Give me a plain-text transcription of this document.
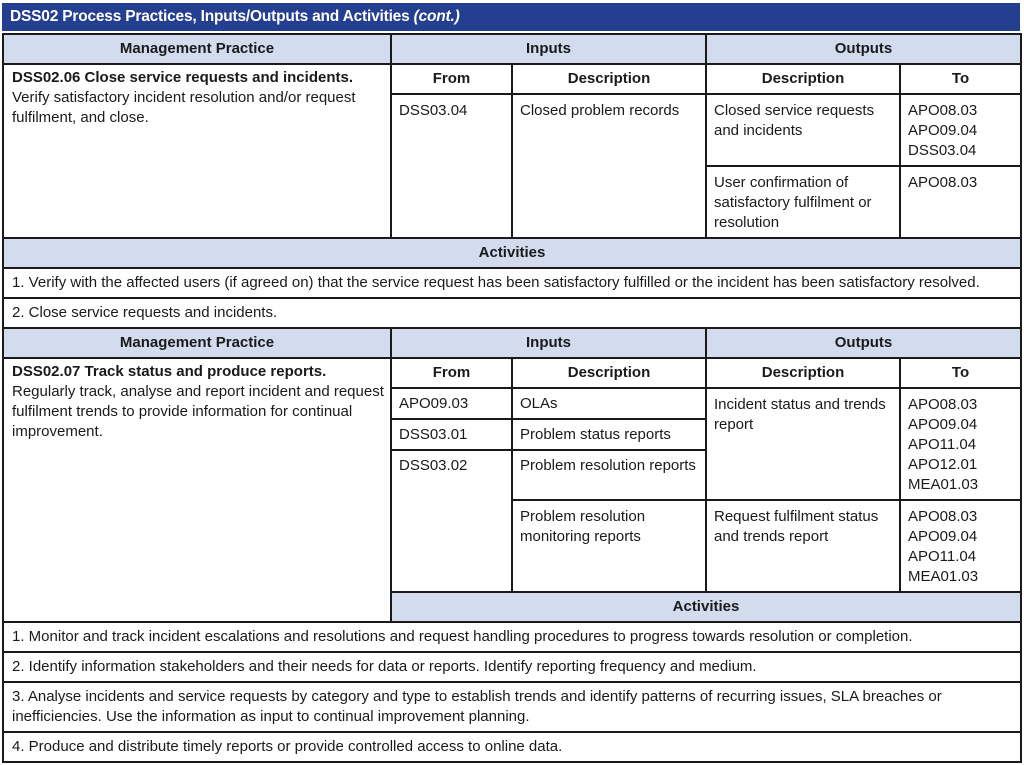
DSS02 Process Practices, Inputs/Outputs and Activities (cont.)
Management Practice	Inputs		Outputs	

DSS02.06 Close service requests and incidents.
Verify satisfactory incident resolution and/or request fulfilment, and close.	From	Description	Description	To
	DSS03.04	Closed problem records	Closed service requests and incidents	APO08.03
APO09.04
DSS03.04

			User confirmation of satisfactory fulfilment or resolution	APO08.03

Activities				
1. Verify with the affected users (if agreed on) that the service request has been satisfactory fulfilled or the incident has been satisfactory resolved.				
2. Close service requests and incidents.				
Management Practice	Inputs		Outputs	

DSS02.07 Track status and produce reports.
Regularly track, analyse and report incident and request fulfilment trends to provide information for continual improvement.	From	Description	Description	To
	APO09.03	OLAs	Incident status and trends report	APO08.03
APO09.04
APO11.04
APO12.01
MEA01.03

	DSS03.01	Problem status reports		
	DSS03.02	Problem resolution reports		
		Problem resolution monitoring reports	Request fulfilment status and trends report	APO08.03
APO09.04
APO11.04
MEA01.03

	Activities			
1. Monitor and track incident escalations and resolutions and request handling procedures to progress towards resolution or completion.				
2. Identify information stakeholders and their needs for data or reports. Identify reporting frequency and medium.				
3. Analyse incidents and service requests by category and type to establish trends and identify patterns of recurring issues, SLA breaches or inefficiencies. Use the information as input to continual improvement planning.				
4. Produce and distribute timely reports or provide controlled access to online data.				
